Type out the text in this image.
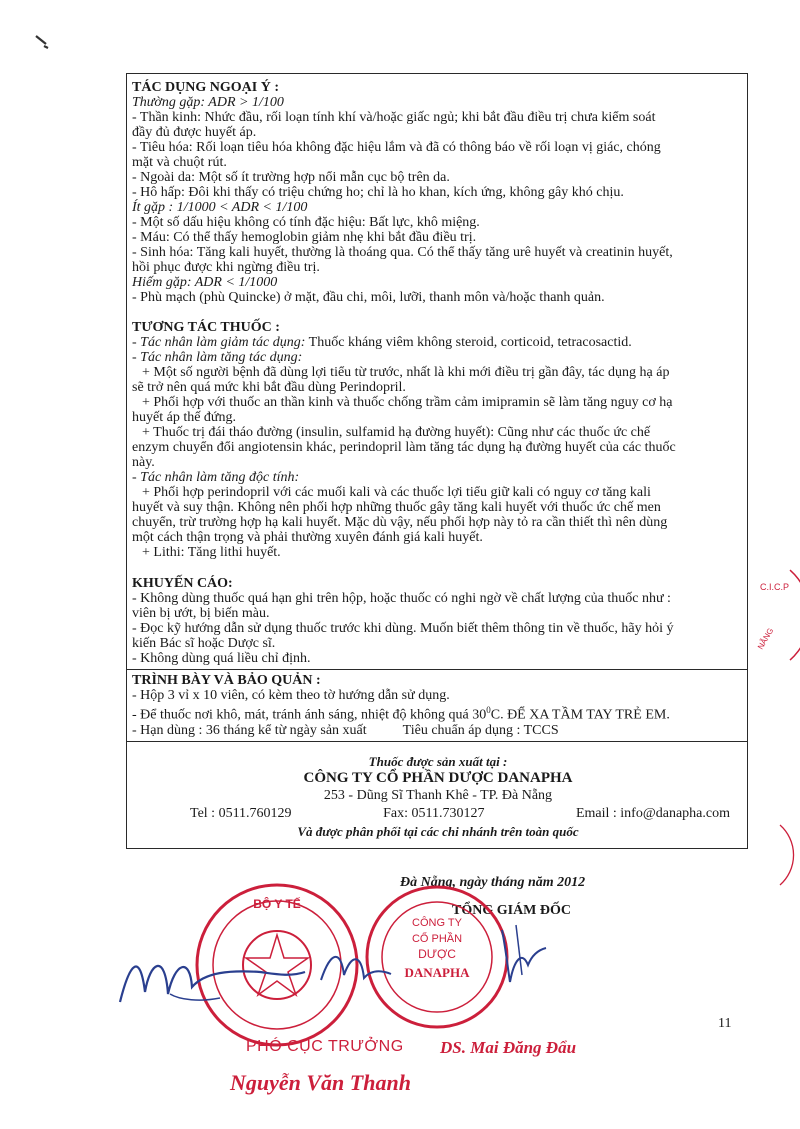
TÁC DỤNG NGOẠI Ý :
Thường gặp: ADR > 1/100
- Thần kinh: Nhức đầu, rối loạn tính khí và/hoặc giấc ngủ; khi bắt đầu điều trị chưa kiểm soát
đầy đủ được huyết áp.
- Tiêu hóa: Rối loạn tiêu hóa không đặc hiệu lắm và đã có thông báo về rối loạn vị giác, chóng
mặt và chuột rút.
- Ngoài da: Một số ít trường hợp nổi mẫn cục bộ trên da.
- Hô hấp: Đôi khi thấy có triệu chứng ho; chỉ là ho khan, kích ứng, không gây khó chịu.
Ít gặp : 1/1000 < ADR < 1/100
- Một số dấu hiệu không có tính đặc hiệu: Bất lực, khô miệng.
- Máu: Có thể thấy hemoglobin giảm nhẹ khi bắt đầu điều trị.
- Sinh hóa: Tăng kali huyết, thường là thoáng qua. Có thể thấy tăng urê huyết và creatinin huyết,
hồi phục được khi ngừng điều trị.
Hiếm gặp: ADR < 1/1000
- Phù mạch (phù Quincke) ở mặt, đầu chi, môi, lưỡi, thanh môn và/hoặc thanh quản.
TƯƠNG TÁC THUỐC :
- Tác nhân làm giảm tác dụng: Thuốc kháng viêm không steroid, corticoid, tetracosactid.
- Tác nhân làm tăng tác dụng:
+ Một số người bệnh đã dùng lợi tiểu từ trước, nhất là khi mới điều trị gần đây, tác dụng hạ áp
sẽ trở nên quá mức khi bắt đầu dùng Perindopril.
+ Phối hợp với thuốc an thần kinh và thuốc chống trầm cảm imipramin sẽ làm tăng nguy cơ hạ
huyết áp thế đứng.
+ Thuốc trị đái tháo đường (insulin, sulfamid hạ đường huyết): Cũng như các thuốc ức chế
enzym chuyển đổi angiotensin khác, perindopril làm tăng tác dụng hạ đường huyết của các thuốc
này.
- Tác nhân làm tăng độc tính:
+ Phối hợp perindopril với các muối kali và các thuốc lợi tiểu giữ kali có nguy cơ tăng kali
huyết và suy thận. Không nên phối hợp những thuốc gây tăng kali huyết với thuốc ức chế men
chuyển, trừ trường hợp hạ kali huyết. Mặc dù vậy, nếu phối hợp này tỏ ra cần thiết thì nên dùng
một cách thận trọng và phải thường xuyên đánh giá kali huyết.
+ Lithi: Tăng lithi huyết.
KHUYẾN CÁO:
- Không dùng thuốc quá hạn ghi trên hộp, hoặc thuốc có nghi ngờ về chất lượng của thuốc như :
viên bị ướt, bị biến màu.
- Đọc kỹ hướng dẫn sử dụng thuốc trước khi dùng. Muốn biết thêm thông tin về thuốc, hãy hỏi ý
kiến Bác sĩ hoặc Dược sĩ.
- Không dùng quá liều chỉ định.
TRÌNH BÀY VÀ BẢO QUẢN :
- Hộp 3 vỉ x 10 viên, có kèm theo tờ hướng dẫn sử dụng.
- Để thuốc nơi khô, mát, tránh ánh sáng, nhiệt độ không quá $30^0C$. ĐỂ XA TẦM TAY TRẺ EM.
- Hạn dùng : 36 tháng kể từ ngày sản xuất	Tiêu chuẩn áp dụng : TCCS
Thuốc được sản xuất tại :
CÔNG TY CỔ PHẦN DƯỢC DANAPHA
253 - Dũng Sĩ Thanh Khê - TP. Đà Nẵng
Tel : 0511.760129	Fax: 0511.730127	Email : info@danapha.com
Và được phân phối tại các chi nhánh trên toàn quốc
C.I.C.P
NẴNG
Đà Nẵng, ngày tháng năm 2012
TỔNG GIÁM ĐỐC
BỘ Y TẾ
CÔNG TY
CỔ PHẦN
DƯỢC
DANAPHA
11
PHÓ CỤC TRƯỞNG
Nguyễn Văn Thanh
DS. Mai Đăng Đẩu
